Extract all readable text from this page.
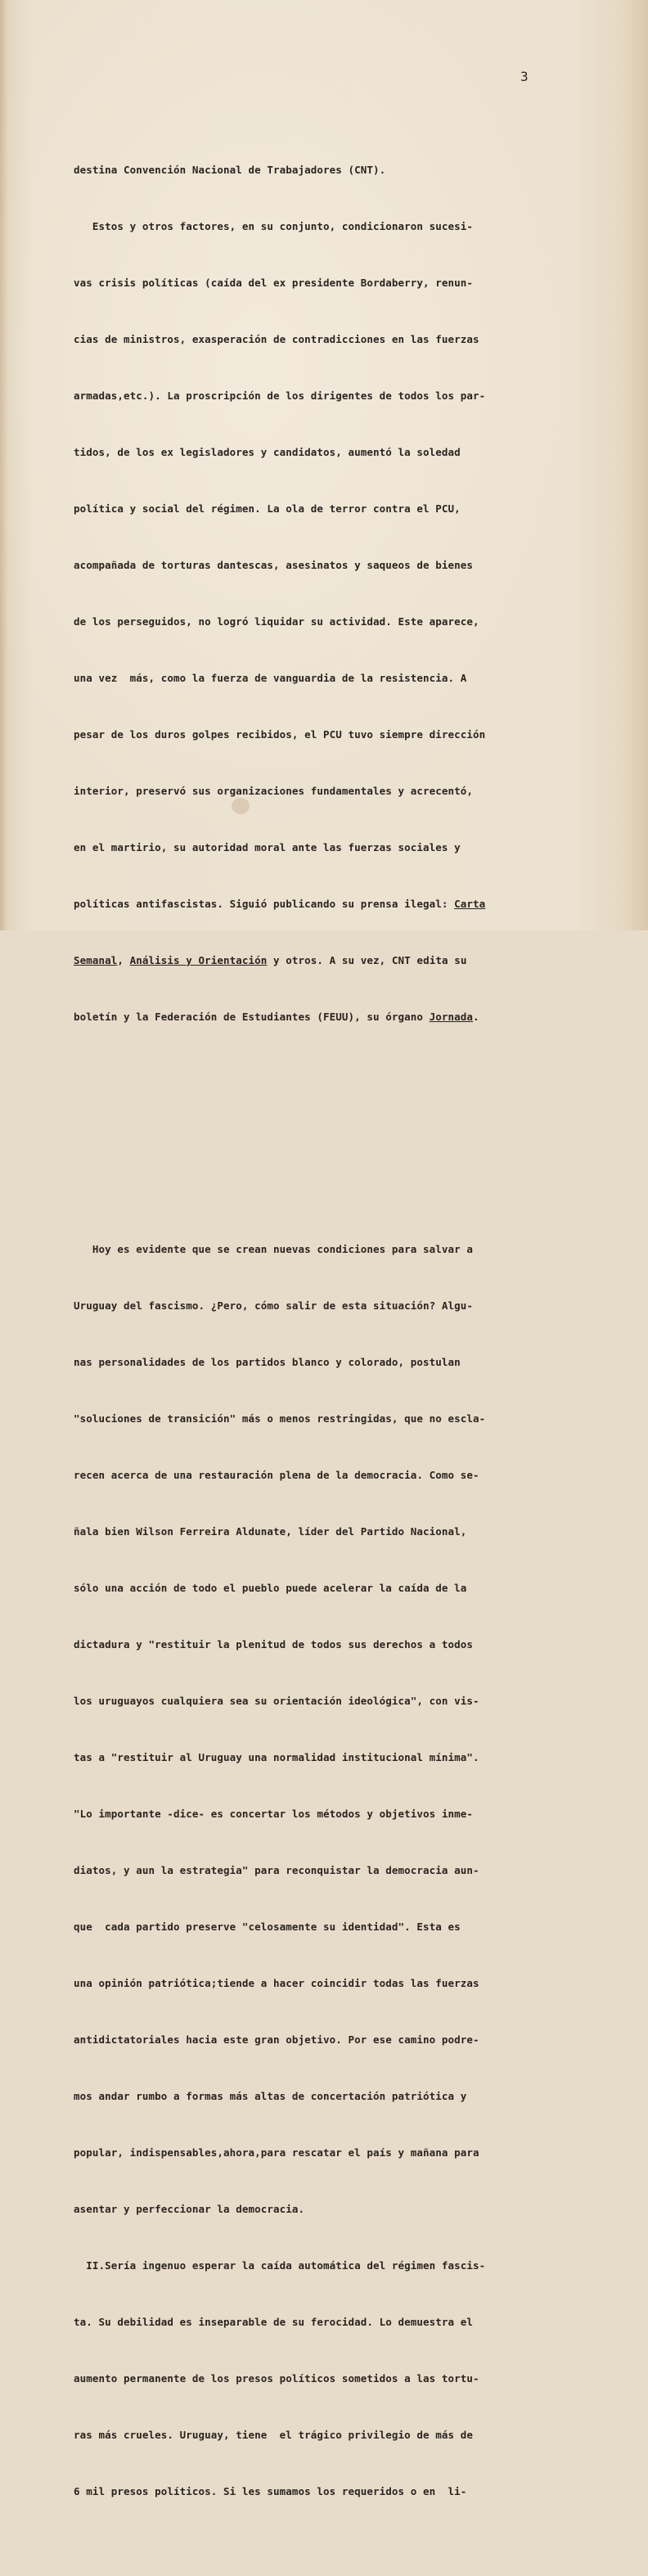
3

destina Convención Nacional de Trabajadores (CNT).

Estos y otros factores, en su conjunto, condicionaron sucesi-

vas crisis políticas (caída del ex presidente Bordaberry, renun-

cias de ministros, exasperación de contradicciones en las fuerzas

armadas,etc.). La proscripción de los dirigentes de todos los par-

tidos, de los ex legisladores y candidatos, aumentó la soledad

política y social del régimen. La ola de terror contra el PCU,

acompañada de torturas dantescas, asesinatos y saqueos de bienes

de los perseguidos, no logró liquidar su actividad. Este aparece,

una vez  más, como la fuerza de vanguardia de la resistencia. A

pesar de los duros golpes recibidos, el PCU tuvo siempre dirección

interior, preservó sus organizaciones fundamentales y acrecentó,

en el martirio, su autoridad moral ante las fuerzas sociales y

políticas antifascistas. Siguió publicando su prensa ilegal: Carta

Semanal, Análisis y Orientación y otros. A su vez, CNT edita su

boletín y la Federación de Estudiantes (FEUU), su órgano Jornada.

Hoy es evidente que se crean nuevas condiciones para salvar a

Uruguay del fascismo. ¿Pero, cómo salir de esta situación? Algu-

nas personalidades de los partidos blanco y colorado, postulan

"soluciones de transición" más o menos restringidas, que no escla-

recen acerca de una restauración plena de la democracia. Como se-

ñala bien Wilson Ferreira Aldunate, líder del Partido Nacional,

sólo una acción de todo el pueblo puede acelerar la caída de la

dictadura y "restituir la plenitud de todos sus derechos a todos

los uruguayos cualquiera sea su orientación ideológica", con vis-

tas a "restituir al Uruguay una normalidad institucional mínima".

"Lo importante -dice- es concertar los métodos y objetivos inme-

diatos, y aun la estrategia" para reconquistar la democracia aun-

que  cada partido preserve "celosamente su identidad". Esta es

una opinión patriótica;tiende a hacer coincidir todas las fuerzas

antidictatoriales hacia este gran objetivo. Por ese camino podre-

mos andar rumbo a formas más altas de concertación patriótica y

popular, indispensables,ahora,para rescatar el país y mañana para

asentar y perfeccionar la democracia.

II.Sería ingenuo esperar la caída automática del régimen fascis-

ta. Su debilidad es inseparable de su ferocidad. Lo demuestra el

aumento permanente de los presos políticos sometidos a las tortu-

ras más crueles. Uruguay, tiene  el trágico privilegio de más de

6 mil presos políticos. Si les sumamos los requeridos o en  li-
